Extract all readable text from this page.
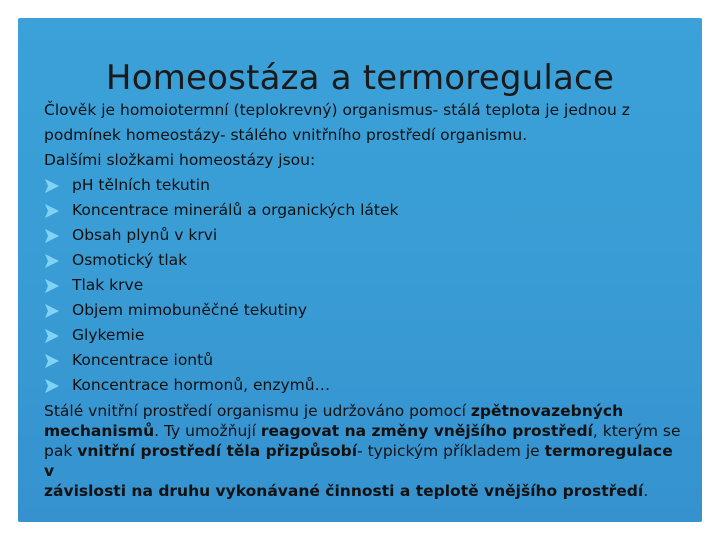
Homeostáza a termoregulace

Člověk je homoiotermní (teplokrevný) organismus- stálá teplota je jednou z
podmínek homeostázy- stálého vnitřního prostředí organismu.

Dalšími složkami homeostázy jsou:

pH tělních tekutin
Koncentrace minerálů a organických látek
Obsah plynů v krvi
Osmotický tlak
Tlak krve
Objem mimobuněčné tekutiny
Glykemie
Koncentrace iontů
Koncentrace hormonů, enzymů…

Stálé vnitřní prostředí organismu je udržováno pomocí zpětnovazebných
mechanismů. Ty umožňují reagovat na změny vnějšího prostředí, kterým se
pak vnitřní prostředí těla přizpůsobí- typickým příkladem je termoregulace v
závislosti na druhu vykonávané činnosti a teplotě vnějšího prostředí.
